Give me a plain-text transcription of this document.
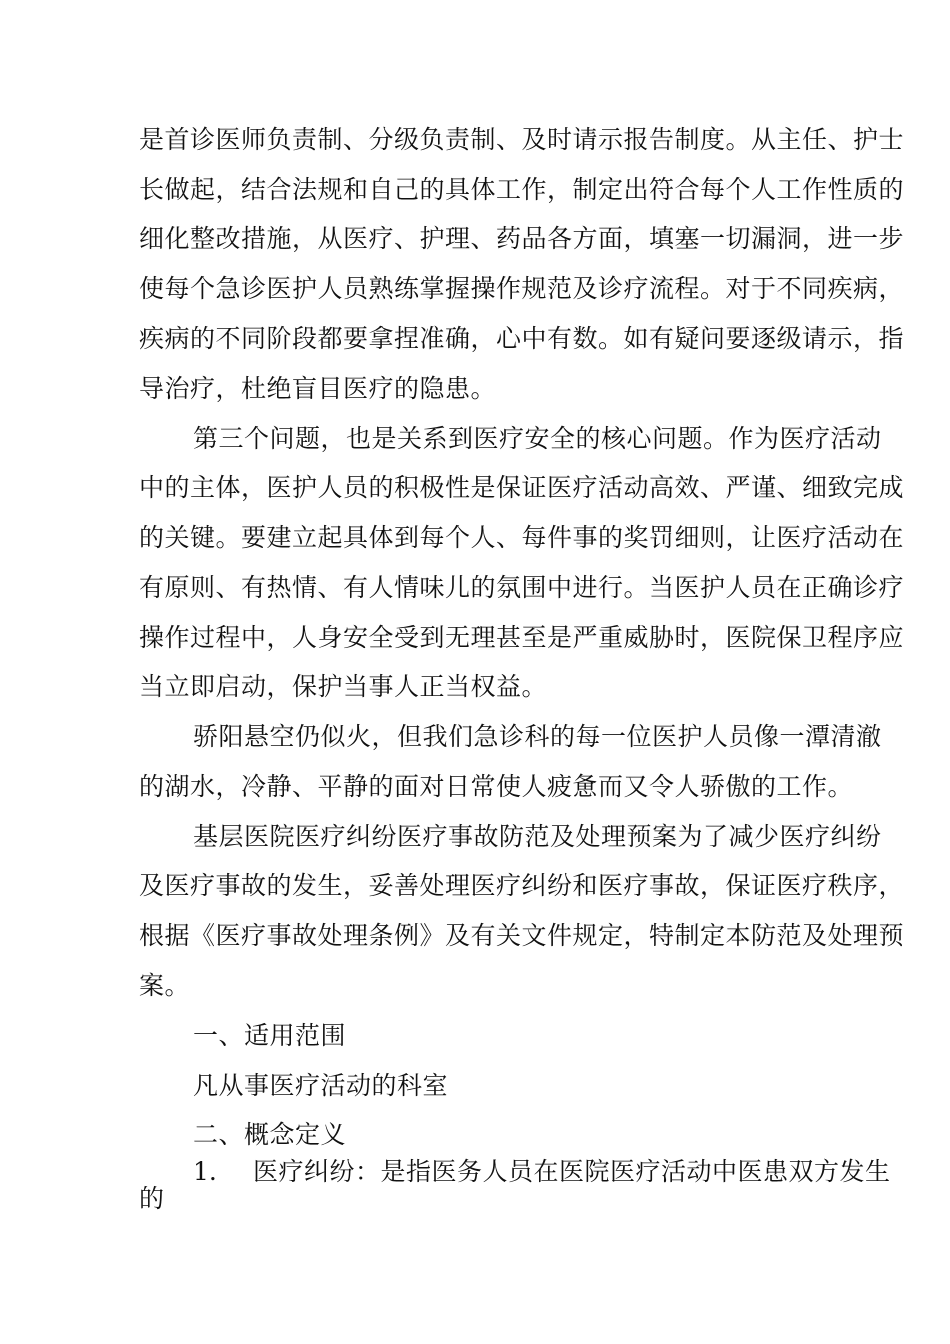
是首诊医师负责制、分级负责制、及时请示报告制度。从主任、护士
长做起，结合法规和自己的具体工作，制定出符合每个人工作性质的
细化整改措施，从医疗、护理、药品各方面，填塞一切漏洞，进一步
使每个急诊医护人员熟练掌握操作规范及诊疗流程。对于不同疾病，
疾病的不同阶段都要拿捏准确，心中有数。如有疑问要逐级请示，指
导治疗，杜绝盲目医疗的隐患。
第三个问题，也是关系到医疗安全的核心问题。作为医疗活动
中的主体，医护人员的积极性是保证医疗活动高效、严谨、细致完成
的关键。要建立起具体到每个人、每件事的奖罚细则，让医疗活动在
有原则、有热情、有人情味儿的氛围中进行。当医护人员在正确诊疗
操作过程中，人身安全受到无理甚至是严重威胁时，医院保卫程序应
当立即启动，保护当事人正当权益。
骄阳悬空仍似火，但我们急诊科的每一位医护人员像一潭清澈
的湖水，冷静、平静的面对日常使人疲惫而又令人骄傲的工作。
基层医院医疗纠纷医疗事故防范及处理预案为了减少医疗纠纷
及医疗事故的发生，妥善处理医疗纠纷和医疗事故，保证医疗秩序，
根据《医疗事故处理条例》及有关文件规定，特制定本防范及处理预
案。
一、适用范围
凡从事医疗活动的科室
二、概念定义
1. 医疗纠纷：是指医务人员在医院医疗活动中医患双方发生
的
